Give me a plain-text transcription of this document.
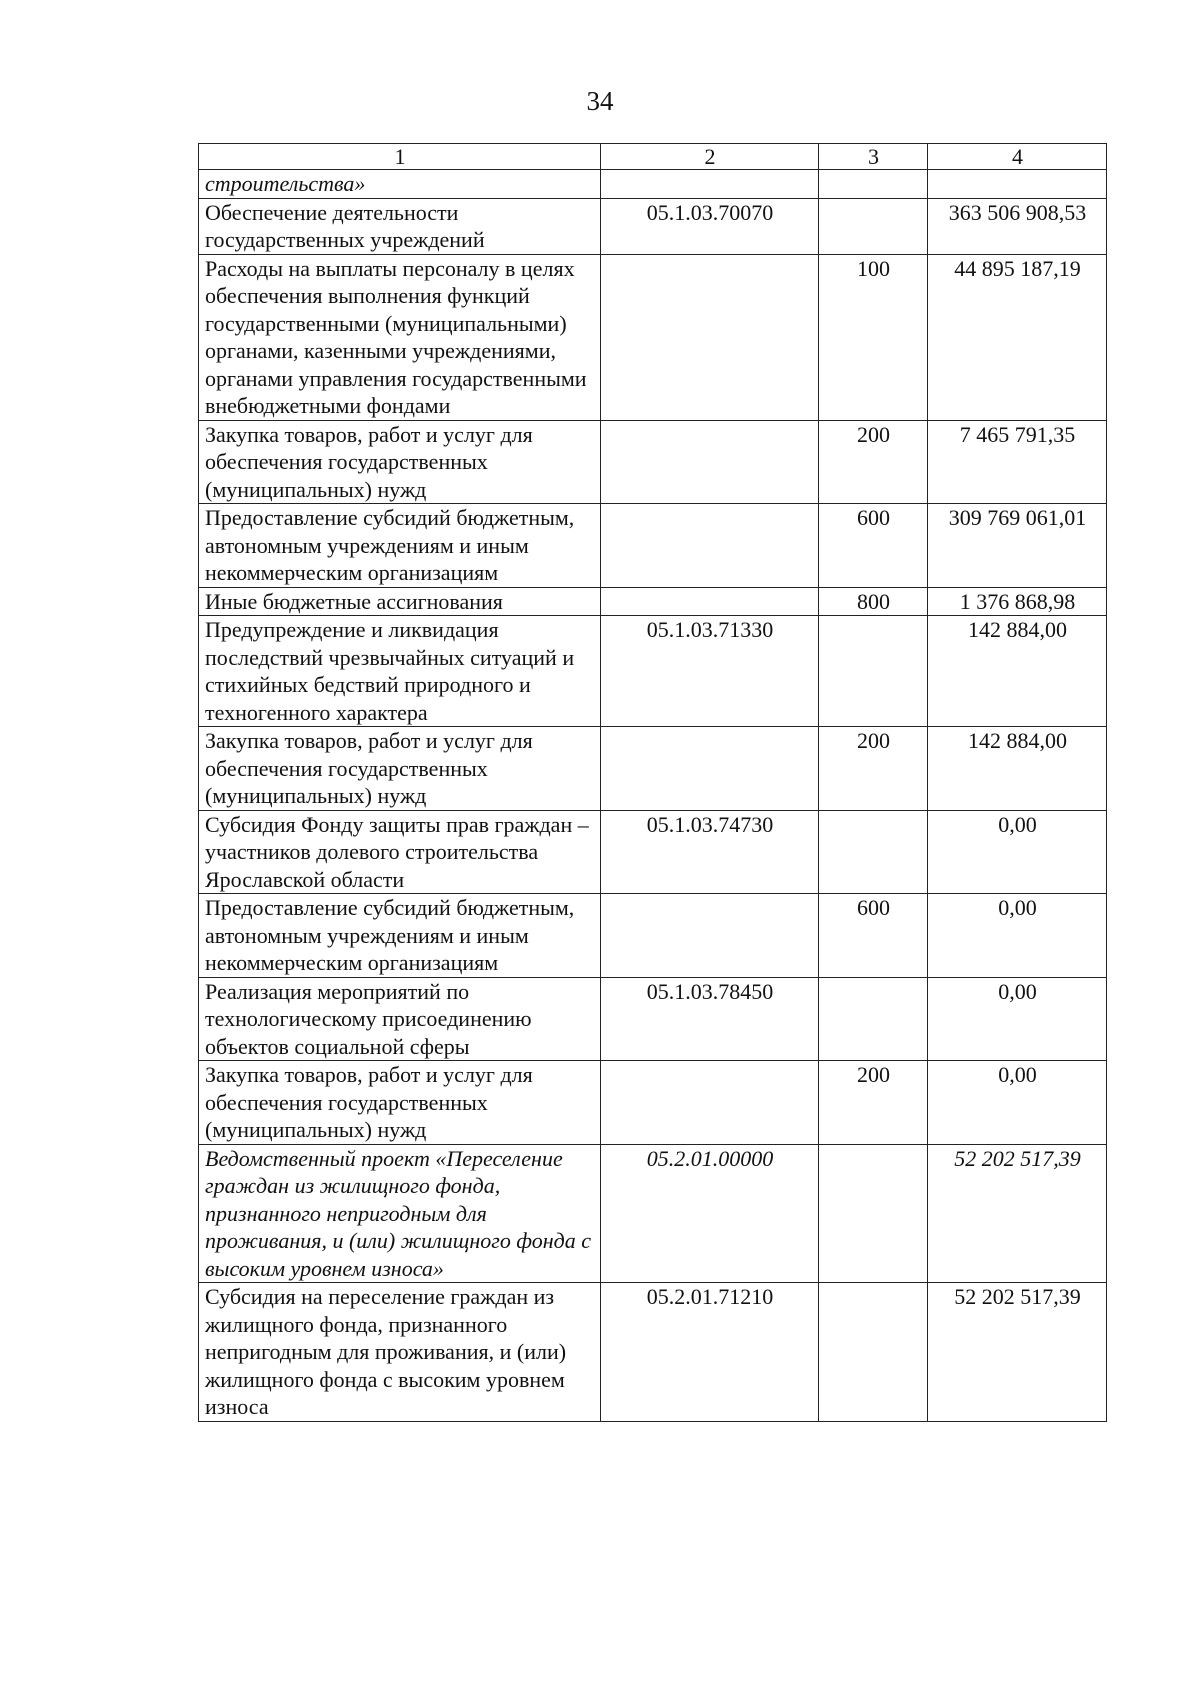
34
1	2	3	4
строительства»			
Обеспечение деятельности государственных учреждений	05.1.03.70070		363 506 908,53
Расходы на выплаты персоналу в целях обеспечения выполнения функций государственными (муниципальными) органами, казенными учреждениями, органами управления государственными внебюджетными фондами		100	44 895 187,19
Закупка товаров, работ и услуг для обеспечения государственных (муниципальных) нужд		200	7 465 791,35
Предоставление субсидий бюджетным, автономным учреждениям и иным некоммерческим организациям		600	309 769 061,01
Иные бюджетные ассигнования		800	1 376 868,98
Предупреждение и ликвидация последствий чрезвычайных ситуаций и стихийных бедствий природного и техногенного характера	05.1.03.71330		142 884,00
Закупка товаров, работ и услуг для обеспечения государственных (муниципальных) нужд		200	142 884,00
Субсидия Фонду защиты прав граждан – участников долевого строительства Ярославской области	05.1.03.74730		0,00
Предоставление субсидий бюджетным, автономным учреждениям и иным некоммерческим организациям		600	0,00
Реализация мероприятий по технологическому присоединению объектов социальной сферы	05.1.03.78450		0,00
Закупка товаров, работ и услуг для обеспечения государственных (муниципальных) нужд		200	0,00
Ведомственный проект «Переселение граждан из жилищного фонда, признанного непригодным для проживания, и (или) жилищного фонда с высоким уровнем износа»	05.2.01.00000		52 202 517,39
Субсидия на переселение граждан из жилищного фонда, признанного непригодным для проживания, и (или) жилищного фонда с высоким уровнем износа	05.2.01.71210		52 202 517,39
